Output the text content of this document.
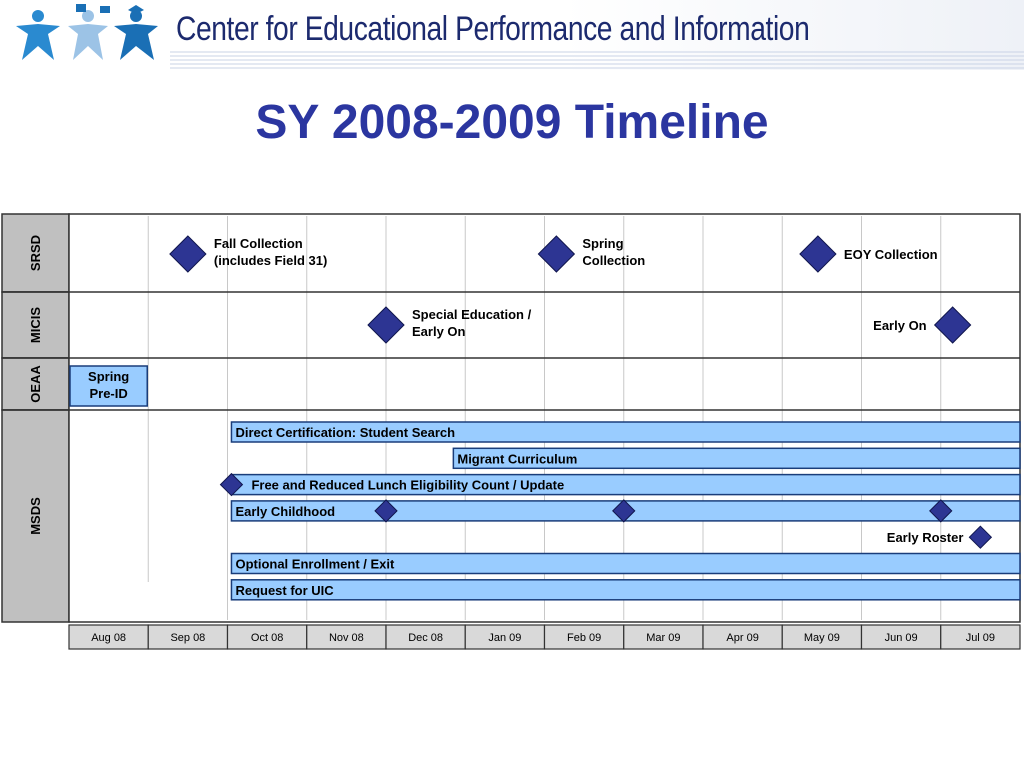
Center for Educational Performance and Information
SY 2008-2009 Timeline
SRSD
MICIS
OEAA
MSDS
Aug 08	Sep 08	Oct 08	Nov 08	Dec 08	Jan 09	Feb 09	Mar 09	Apr 09	May 09	Jun 09	Jul 09
Fall Collection (includes Field 31)
Spring Collection	EOY Collection
Special Education / Early On	Early On
Spring Pre-ID
Direct Certification: Student Search
Migrant Curriculum
Free and Reduced Lunch Eligibility Count / Update
Early Childhood
Early Roster
Optional Enrollment / Exit
Request for UIC
